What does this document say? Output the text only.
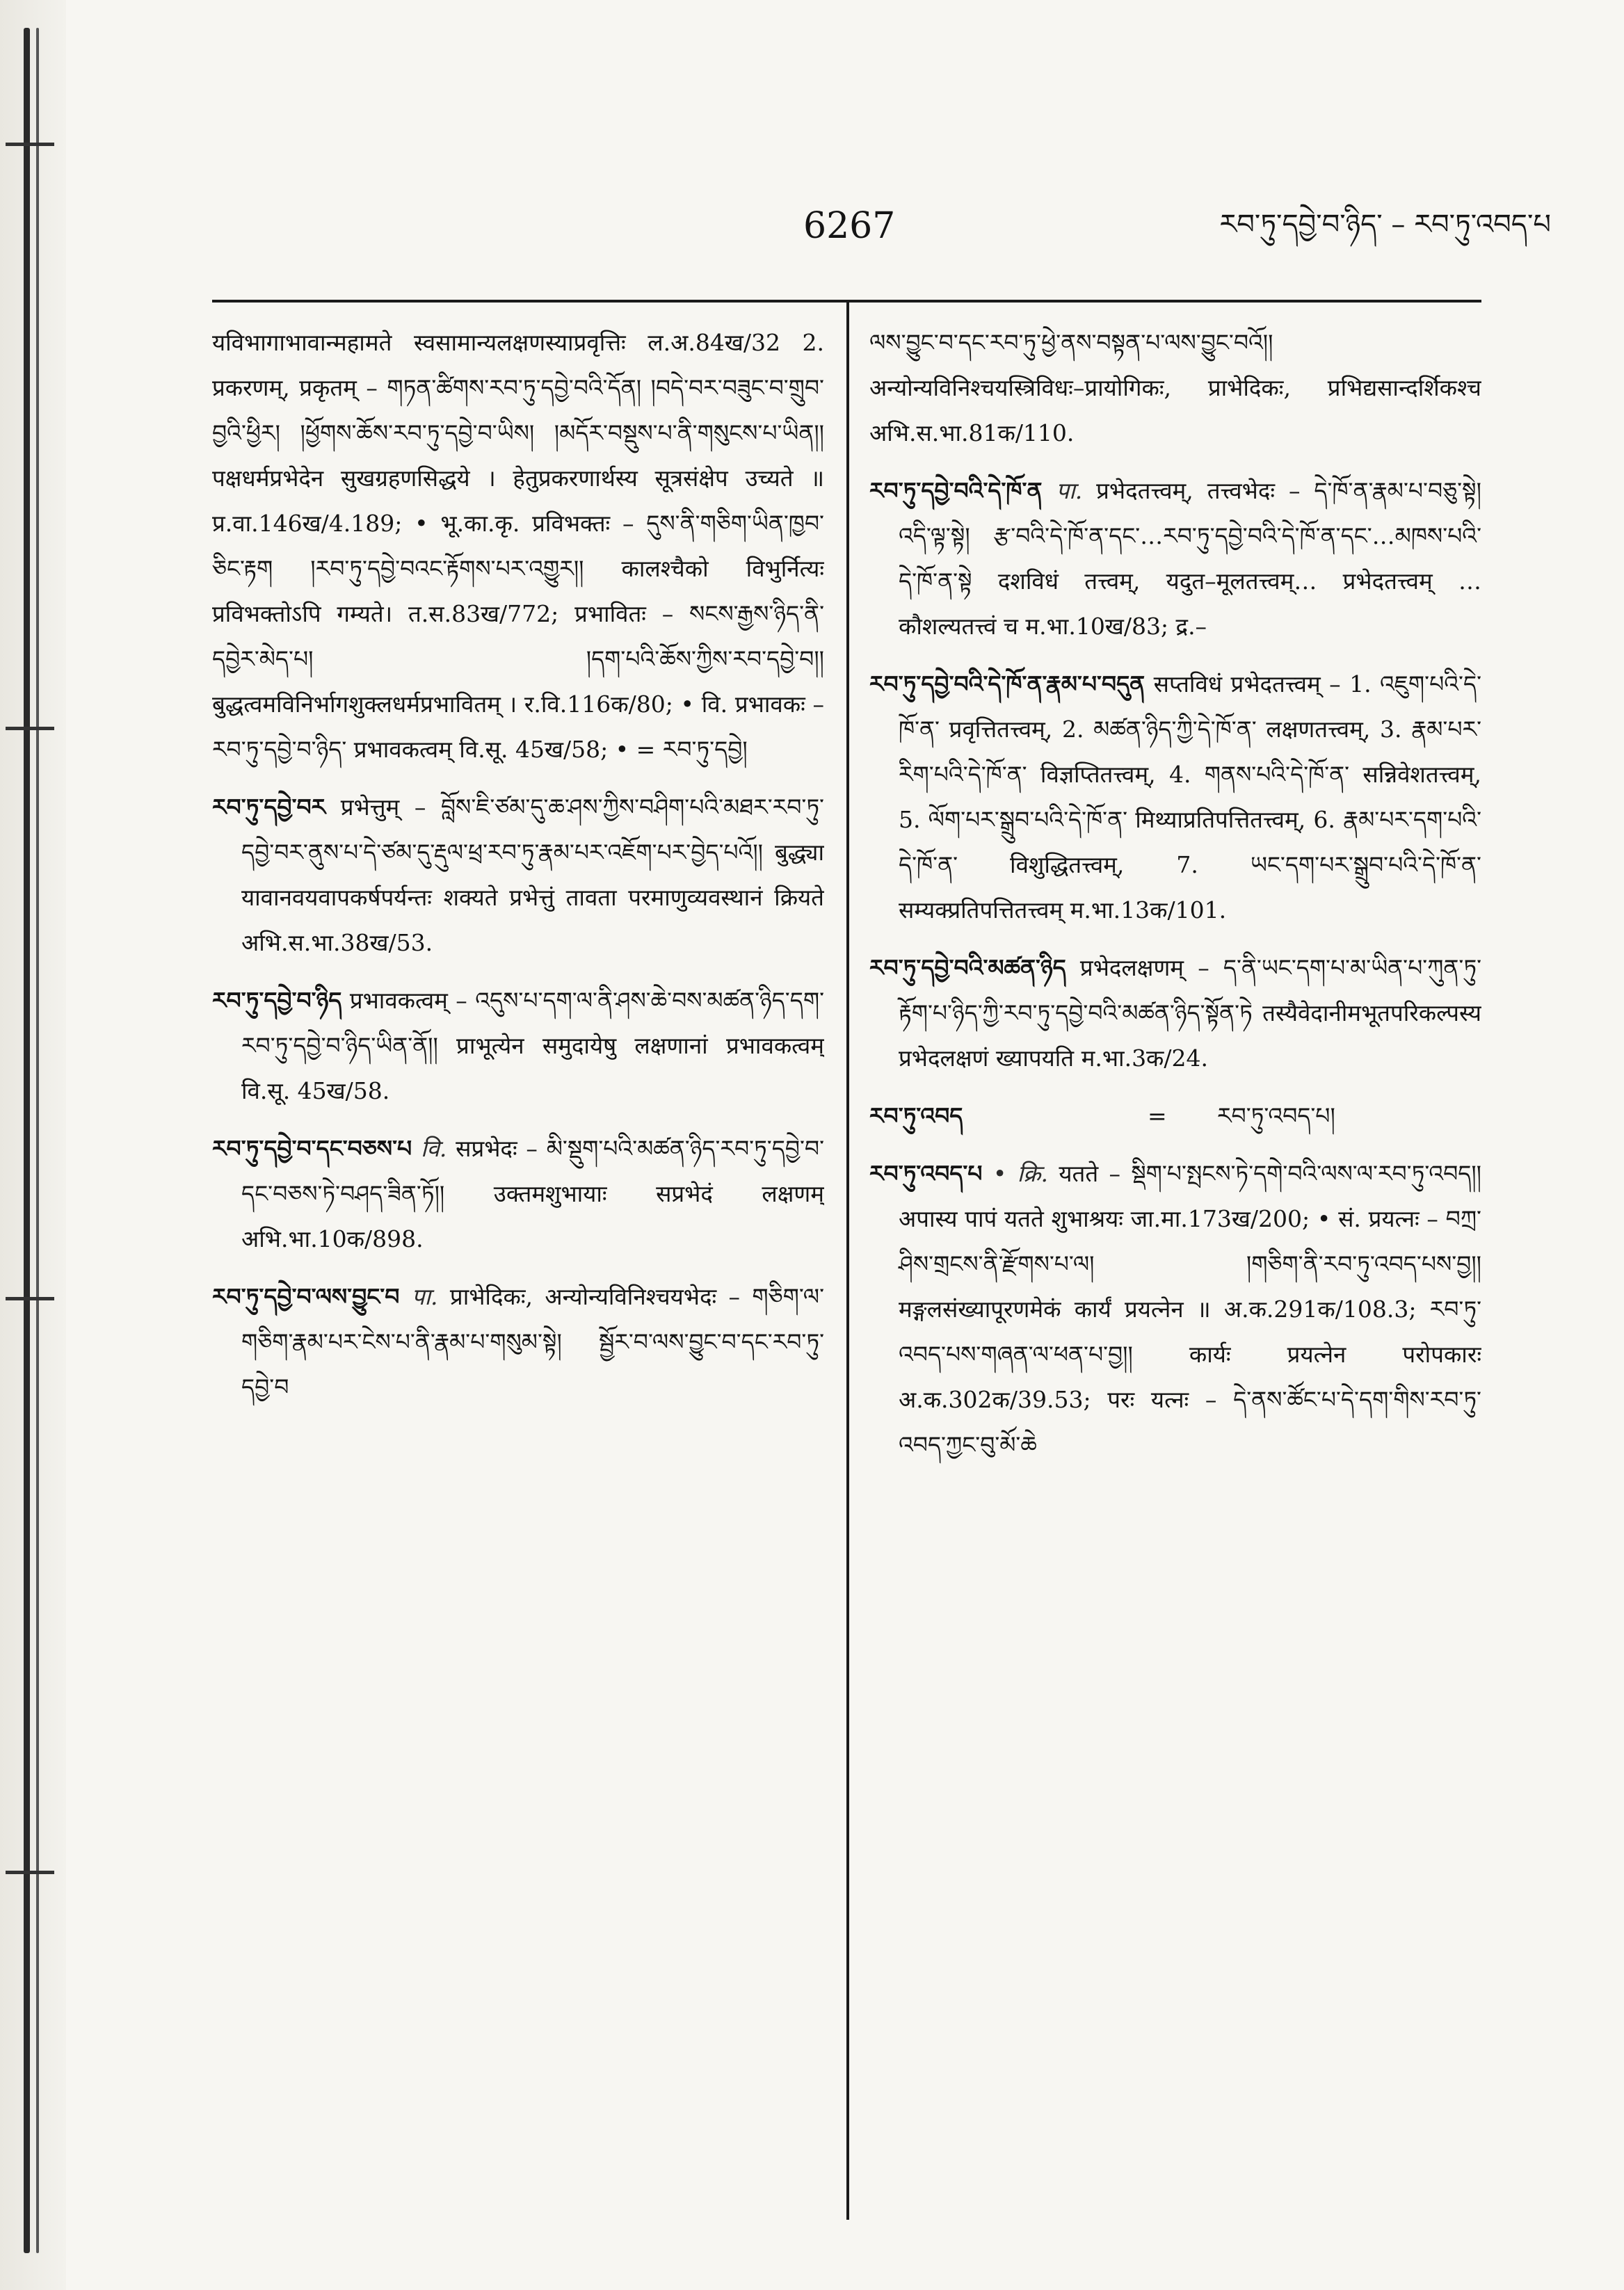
6267	རབ་ཏུ་དབྱེ་བ་ཉིད་ – རབ་ཏུ་འབད་པ

यविभागाभावान्महामते स्वसामान्यलक्षणस्याप्रवृत्तिः ल.अ.84ख/32 2. प्रकरणम्, प्रकृतम् – གཏན་ཚིགས་རབ་ཏུ་དབྱེ་བའི་དོན། །བདེ་བར་བཟུང་བ་གྲུབ་བྱའི་ཕྱིར། །ཕྱོགས་ཆོས་རབ་ཏུ་དབྱེ་བ་ཡིས། །མདོར་བསྡུས་པ་ནི་གསུངས་པ་ཡིན།། पक्षधर्मप्रभेदेन सुखग्रहणसिद्धये । हेतुप्रकरणार्थस्य सूत्रसंक्षेप उच्यते ॥ प्र.वा.146ख/4.189; • भू.का.कृ. प्रविभक्तः – དུས་ནི་གཅིག་ཡིན་ཁྱབ་ཅིང་རྟག །རབ་ཏུ་དབྱེ་བའང་རྟོགས་པར་འགྱུར།། कालश्चैको विभुर्नित्यः प्रविभक्तोऽपि गम्यते। त.स.83ख/772; प्रभावितः – སངས་རྒྱས་ཉིད་ནི་དབྱེར་མེད་པ། །དག་པའི་ཆོས་ཀྱིས་རབ་དབྱེ་བ།། बुद्धत्वमविनिर्भागशुक्लधर्मप्रभावितम् । र.वि.116क/80; • वि. प्रभावकः – རབ་ཏུ་དབྱེ་བ་ཉིད་ प्रभावकत्वम् वि.सू. 45ख/58; • = རབ་ཏུ་དབྱེ།

རབ་ཏུ་དབྱེ་བར प्रभेत्तुम् – བློས་ཇི་ཙམ་དུ་ཆ་ཤས་ཀྱིས་བཤིག་པའི་མཐར་རབ་ཏུ་དབྱེ་བར་ནུས་པ་དེ་ཙམ་དུ་རྡུལ་ཕྲ་རབ་ཏུ་རྣམ་པར་འཇོག་པར་བྱེད་པའོ།། बुद्ध्या यावानवयवापकर्षपर्यन्तः शक्यते प्रभेत्तुं तावता परमाणुव्यवस्थानं क्रियते अभि.स.भा.38ख/53.

རབ་ཏུ་དབྱེ་བ་ཉིད प्रभावकत्वम् – འདུས་པ་དག་ལ་ནི་ཤས་ཆེ་བས་མཚན་ཉིད་དག་རབ་ཏུ་དབྱེ་བ་ཉིད་ཡིན་ནོ།། प्राभूत्येन समुदायेषु लक्षणानां प्रभावकत्वम् वि.सू. 45ख/58.

རབ་ཏུ་དབྱེ་བ་དང་བཅས་པ वि. सप्रभेदः – མི་སྡུག་པའི་མཚན་ཉིད་རབ་ཏུ་དབྱེ་བ་དང་བཅས་ཏེ་བཤད་ཟིན་ཏོ།། उक्तमशुभायाः सप्रभेदं लक्षणम् अभि.भा.10क/898.

རབ་ཏུ་དབྱེ་བ་ལས་བྱུང་བ पा. प्राभेदिकः, अन्योन्यविनिश्चयभेदः – གཅིག་ལ་གཅིག་རྣམ་པར་ངེས་པ་ནི་རྣམ་པ་གསུམ་སྟེ། སྦྱོར་བ་ལས་བྱུང་བ་དང་རབ་ཏུ་དབྱེ་བ

ལས་བྱུང་བ་དང་རབ་ཏུ་ཕྱེ་ནས་བསྟན་པ་ལས་བྱུང་བའོ།། अन्योन्यविनिश्चयस्त्रिविधः–प्रायोगिकः, प्राभेदिकः, प्रभिद्यसान्दर्शिकश्च अभि.स.भा.81क/110.

རབ་ཏུ་དབྱེ་བའི་དེ་ཁོ་ན पा. प्रभेदतत्त्वम्, तत्त्वभेदः – དེ་ཁོ་ན་རྣམ་པ་བཅུ་སྟེ། འདི་ལྟ་སྟེ། རྩ་བའི་དེ་ཁོ་ན་དང་…རབ་ཏུ་དབྱེ་བའི་དེ་ཁོ་ན་དང་…མཁས་པའི་དེ་ཁོ་ན་སྟེ दशविधं तत्त्वम्, यदुत–मूलतत्त्वम्… प्रभेदतत्त्वम् …कौशल्यतत्त्वं च म.भा.10ख/83; द्र.–

རབ་ཏུ་དབྱེ་བའི་དེ་ཁོ་ན་རྣམ་པ་བདུན सप्तविधं प्रभेदतत्त्वम् – 1. འཇུག་པའི་དེ་ཁོ་ན་ प्रवृत्तितत्त्वम्, 2. མཚན་ཉིད་ཀྱི་དེ་ཁོ་ན་ लक्षणतत्त्वम्, 3. རྣམ་པར་རིག་པའི་དེ་ཁོ་ན་ विज्ञप्तितत्त्वम्, 4. གནས་པའི་དེ་ཁོ་ན་ सन्निवेशतत्त्वम्, 5. ལོག་པར་སྒྲུབ་པའི་དེ་ཁོ་ན་ मिथ्याप्रतिपत्तितत्त्वम्, 6. རྣམ་པར་དག་པའི་དེ་ཁོ་ན་ विशुद्धितत्त्वम्, 7. ཡང་དག་པར་སྒྲུབ་པའི་དེ་ཁོ་ན་ सम्यक्प्रतिपत्तितत्त्वम् म.भा.13क/101.

རབ་ཏུ་དབྱེ་བའི་མཚན་ཉིད प्रभेदलक्षणम् – ད་ནི་ཡང་དག་པ་མ་ཡིན་པ་ཀུན་ཏུ་རྟོག་པ་ཉིད་ཀྱི་རབ་ཏུ་དབྱེ་བའི་མཚན་ཉིད་སྟོན་ཏེ तस्यैवेदानीमभूतपरिकल्पस्य प्रभेदलक्षणं ख्यापयति म.भा.3क/24.

རབ་ཏུ་འབད	= རབ་ཏུ་འབད་པ།

རབ་ཏུ་འབད་པ • क्रि. यतते – སྡིག་པ་སྤངས་ཏེ་དགེ་བའི་ལས་ལ་རབ་ཏུ་འབད།། अपास्य पापं यतते शुभाश्रयः जा.मा.173ख/200; • सं. प्रयत्नः – བཀྲ་ཤིས་གྲངས་ནི་རྫོགས་པ་ལ། །གཅིག་ནི་རབ་ཏུ་འབད་པས་བྱ།། मङ्गलसंख्यापूरणमेकं कार्यं प्रयत्नेन ॥ अ.क.291क/108.3; རབ་ཏུ་འབད་པས་གཞན་ལ་ཕན་པ་བྱ།། कार्यः प्रयत्नेन परोपकारः अ.क.302क/39.53; परः यत्नः – དེ་ནས་ཚོང་པ་དེ་དག་གིས་རབ་ཏུ་འབད་ཀྱང་བུ་མོ་ཆེ
